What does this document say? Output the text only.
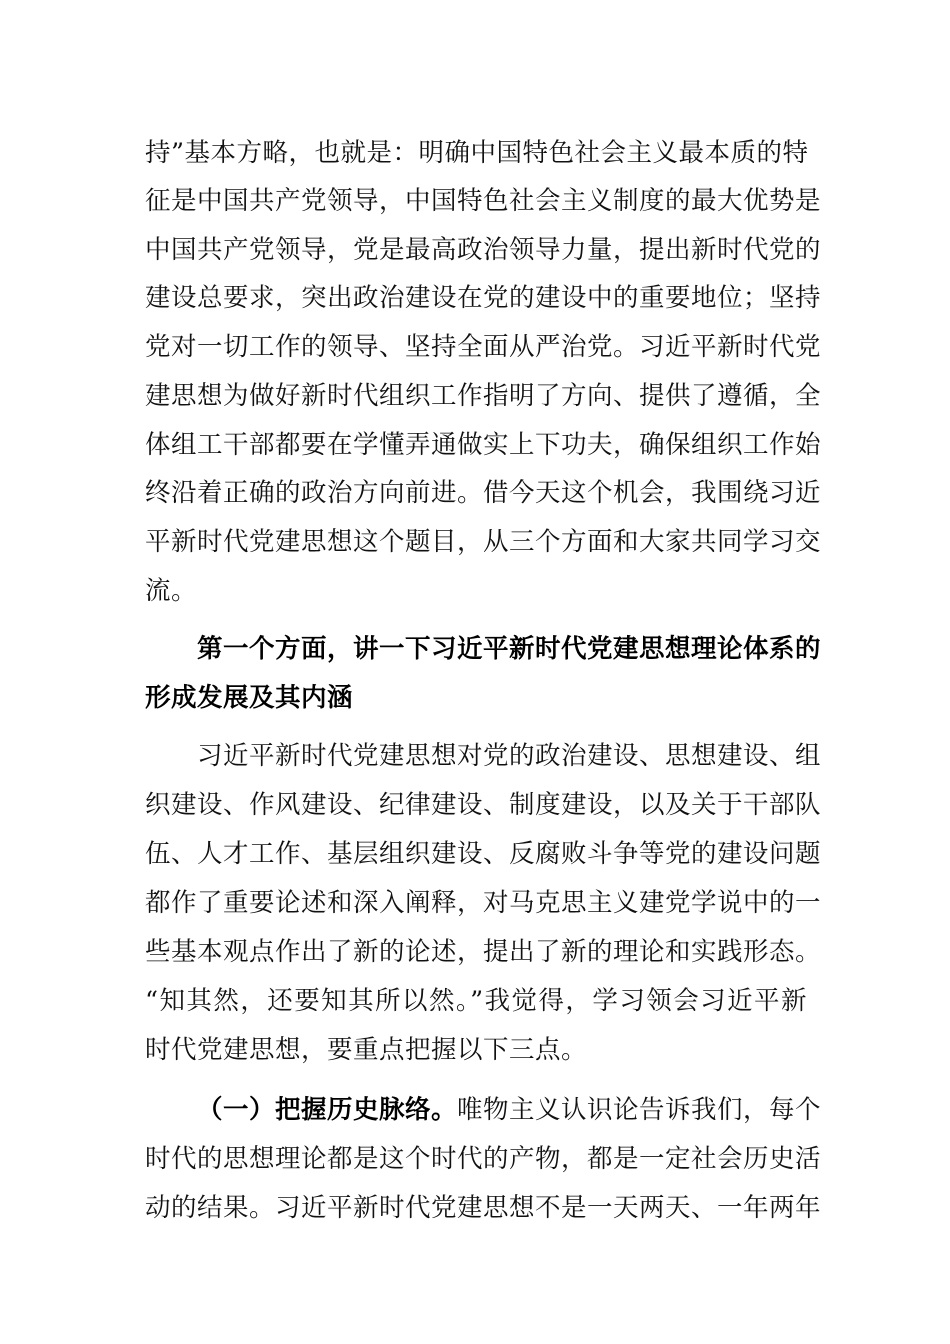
持”基本方略，也就是：明确中国特色社会主义最本质的特
征是中国共产党领导，中国特色社会主义制度的最大优势是
中国共产党领导，党是最高政治领导力量，提出新时代党的
建设总要求，突出政治建设在党的建设中的重要地位；坚持
党对一切工作的领导、坚持全面从严治党。习近平新时代党
建思想为做好新时代组织工作指明了方向、提供了遵循，全
体组工干部都要在学懂弄通做实上下功夫，确保组织工作始
终沿着正确的政治方向前进。借今天这个机会，我围绕习近
平新时代党建思想这个题目，从三个方面和大家共同学习交
流。
第一个方面，讲一下习近平新时代党建思想理论体系的
形成发展及其内涵
习近平新时代党建思想对党的政治建设、思想建设、组
织建设、作风建设、纪律建设、制度建设，以及关于干部队
伍、人才工作、基层组织建设、反腐败斗争等党的建设问题
都作了重要论述和深入阐释，对马克思主义建党学说中的一
些基本观点作出了新的论述，提出了新的理论和实践形态。
“知其然，还要知其所以然。”我觉得，学习领会习近平新
时代党建思想，要重点把握以下三点。
（一）把握历史脉络。唯物主义认识论告诉我们，每个
时代的思想理论都是这个时代的产物，都是一定社会历史活
动的结果。习近平新时代党建思想不是一天两天、一年两年
